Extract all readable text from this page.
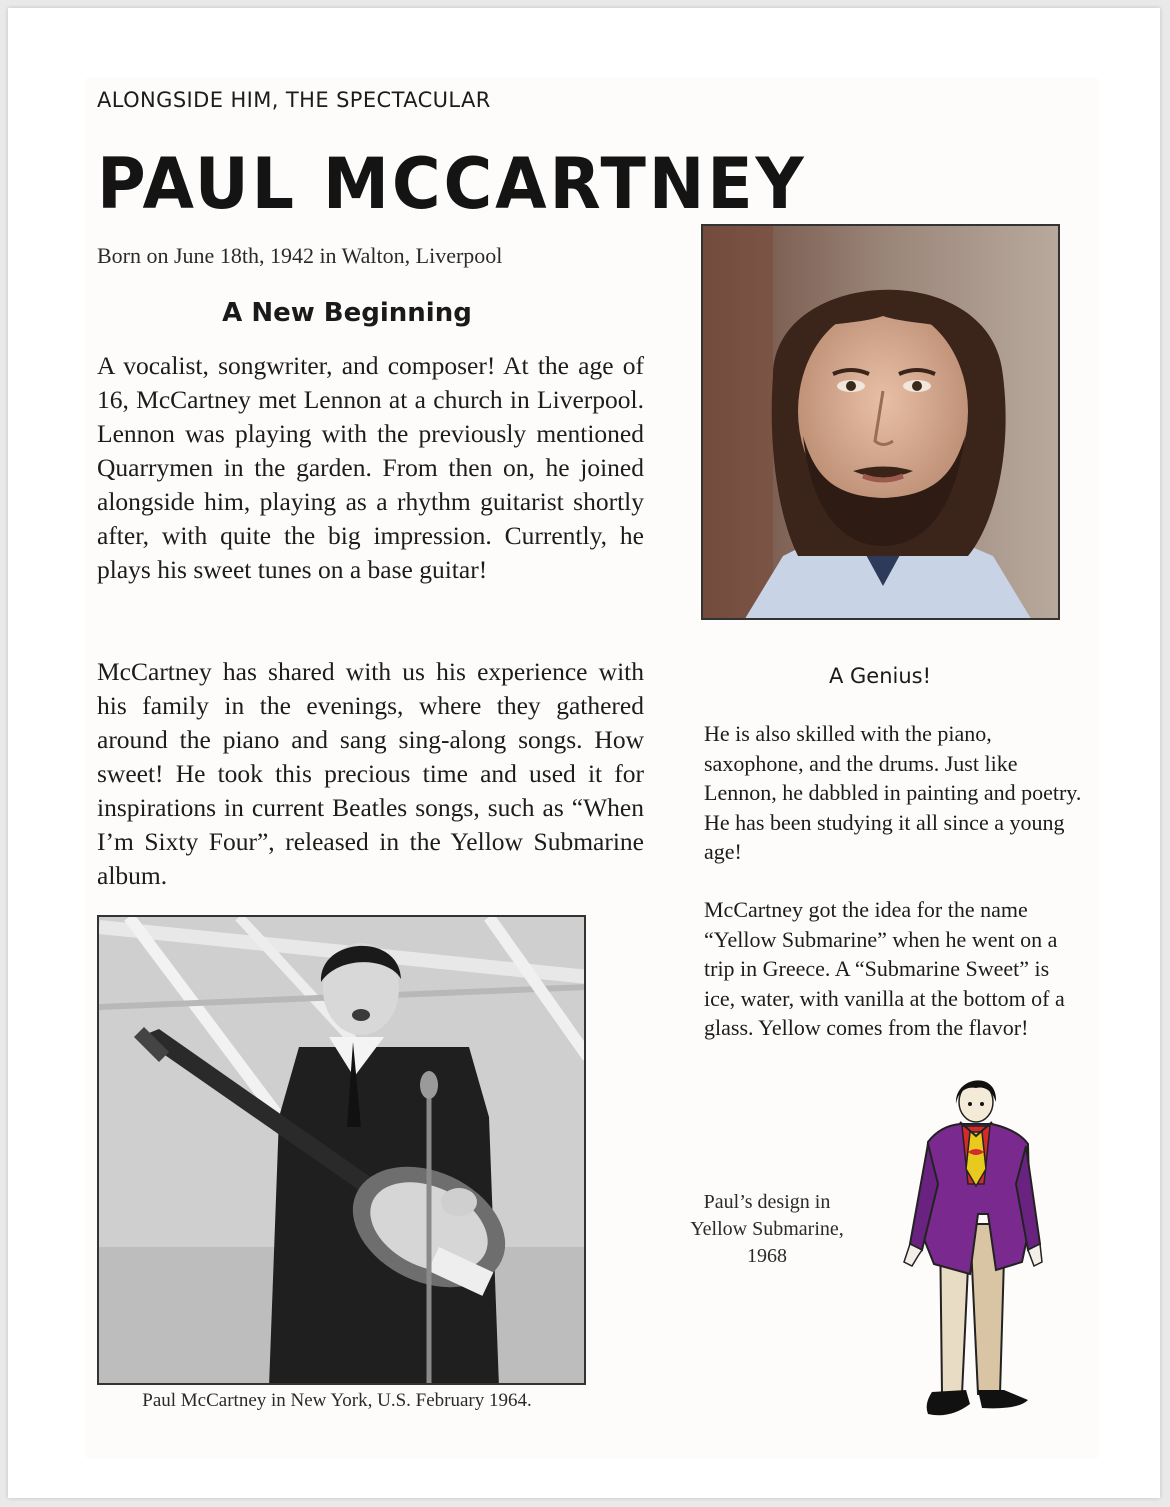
ALONGSIDE HIM, THE SPECTACULAR
PAUL MCCARTNEY
Born on June 18th, 1942 in Walton, Liverpool
A New Beginning
A vocalist, songwriter, and composer! At the age of 16, McCartney met Lennon at a church in Liverpool. Lennon was playing with the previously mentioned Quarrymen in the garden. From then on, he joined alongside him, playing as a rhythm guitarist shortly after, with quite the big impression. Currently, he plays his sweet tunes on a base guitar!
McCartney has shared with us his experience with his family in the evenings, where they gathered around the piano and sang sing-along songs. How sweet! He took this precious time and used it for inspirations in current Beatles songs, such as “When I’m Sixty Four”, released in the Yellow Submarine album.
Paul McCartney in New York, U.S. February 1964.
A Genius!
He is also skilled with the piano, saxophone, and the drums. Just like Lennon, he dabbled in painting and poetry. He has been studying it all since a young age!
McCartney got the idea for the name “Yellow Submarine” when he went on a trip in Greece. A “Submarine Sweet” is ice, water, with vanilla at the bottom of a glass. Yellow comes from the flavor!
Paul’s design in
Yellow Submarine,
1968
